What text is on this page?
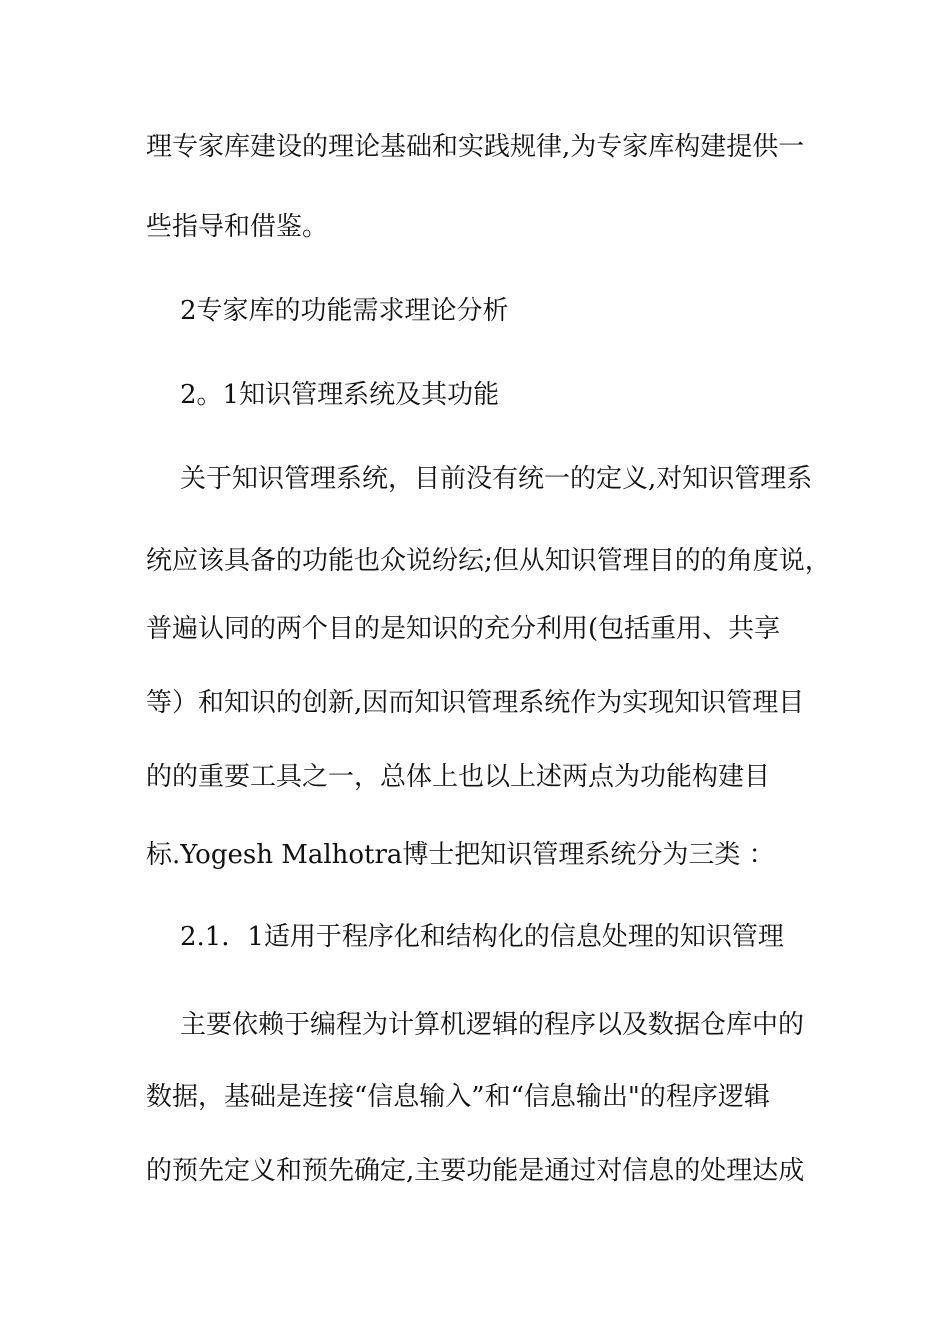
理专家库建设的理论基础和实践规律,为专家库构建提供一
些指导和借鉴。
2专家库的功能需求理论分析
2。1知识管理系统及其功能
关于知识管理系统，目前没有统一的定义,对知识管理系
统应该具备的功能也众说纷纭;但从知识管理目的的角度说，
普遍认同的两个目的是知识的充分利用(包括重用、共享
等）和知识的创新,因而知识管理系统作为实现知识管理目
的的重要工具之一，总体上也以上述两点为功能构建目
标.Yogesh Malhotra博士把知识管理系统分为三类 ：
2.1．1适用于程序化和结构化的信息处理的知识管理
主要依赖于编程为计算机逻辑的程序以及数据仓库中的
数据，基础是连接“信息输入”和“信息输出"的程序逻辑
的预先定义和预先确定,主要功能是通过对信息的处理达成
